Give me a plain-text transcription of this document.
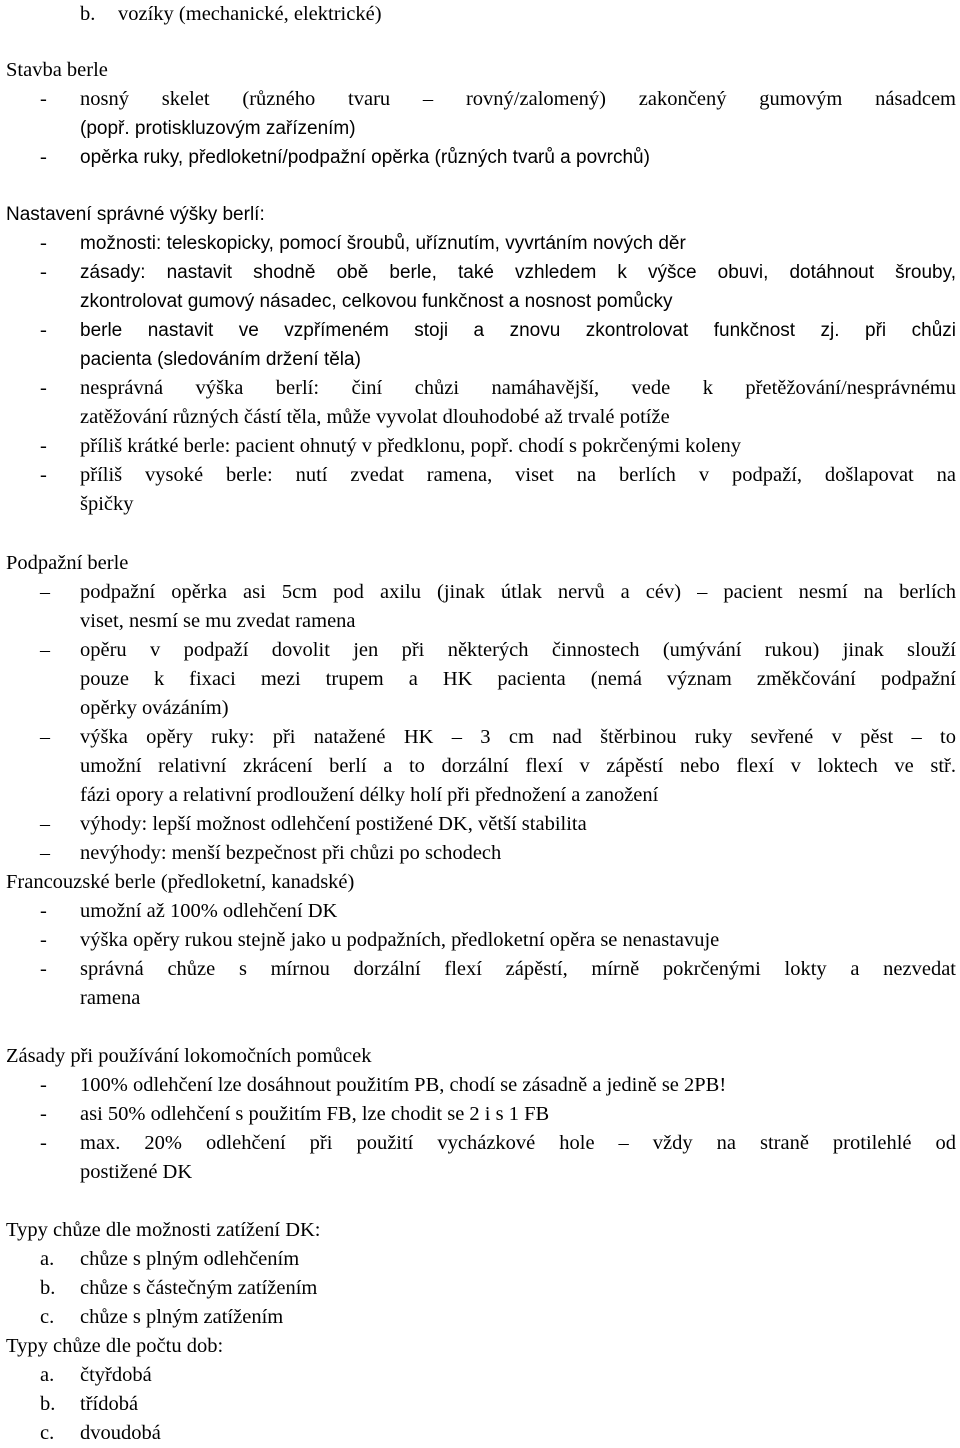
b.	vozíky (mechanické, elektrické)
Stavba berle
-	nosný skelet (různého tvaru – rovný/zalomený) zakončený gumovým násadcem
(popř. protiskluzovým zařízením)
-	opěrka ruky, předloketní/podpažní opěrka (různých tvarů a povrchů)
Nastavení správné výšky berlí:
-	možnosti: teleskopicky, pomocí šroubů, uříznutím, vyvrtáním nových děr
-	zásady: nastavit shodně obě berle, také vzhledem k výšce obuvi, dotáhnout šrouby,
zkontrolovat gumový násadec, celkovou funkčnost a nosnost pomůcky
-	berle nastavit ve vzpřímeném stoji a znovu zkontrolovat funkčnost zj. při chůzi
pacienta (sledováním držení těla)
-	nesprávná výška berlí: činí chůzi namáhavější, vede k přetěžování/nesprávnému
zatěžování různých částí těla, může vyvolat dlouhodobé až trvalé potíže
-	příliš krátké berle: pacient ohnutý v předklonu, popř. chodí s pokrčenými koleny
-	příliš vysoké berle: nutí zvedat ramena, viset na berlích v podpaží, došlapovat na
špičky
Podpažní berle
–	podpažní opěrka asi 5cm pod axilu (jinak útlak nervů a cév) – pacient nesmí na berlích
viset, nesmí se mu zvedat ramena
–	opěru v podpaží dovolit jen při některých činnostech (umývání rukou) jinak slouží
pouze k fixaci mezi trupem a HK pacienta (nemá význam změkčování podpažní
opěrky ovázáním)
–	výška opěry ruky: při natažené HK – 3 cm nad štěrbinou ruky sevřené v pěst – to
umožní relativní zkrácení berlí a to dorzální flexí v zápěstí nebo flexí v loktech ve stř.
fázi opory a relativní prodloužení délky holí při přednožení a zanožení
–	výhody: lepší možnost odlehčení postižené DK, větší stabilita
–	nevýhody: menší bezpečnost při chůzi po schodech
Francouzské berle (předloketní, kanadské)
-	umožní až 100% odlehčení DK
-	výška opěry rukou stejně jako u podpažních, předloketní opěra se nenastavuje
-	správná chůze s mírnou dorzální flexí zápěstí, mírně pokrčenými lokty a nezvedat
ramena
Zásady při používání lokomočních pomůcek
-	100% odlehčení lze dosáhnout použitím PB, chodí se zásadně a jedině se 2PB!
-	asi 50% odlehčení s použitím FB, lze chodit se 2 i s 1 FB
-	max. 20% odlehčení při použití vycházkové hole – vždy na straně protilehlé od
postižené DK
Typy chůze dle možnosti zatížení DK:
a.	chůze s plným odlehčením
b.	chůze s částečným zatížením
c.	chůze s plným zatížením
Typy chůze dle počtu dob:
a.	čtyřdobá
b.	třídobá
c.	dvoudobá
